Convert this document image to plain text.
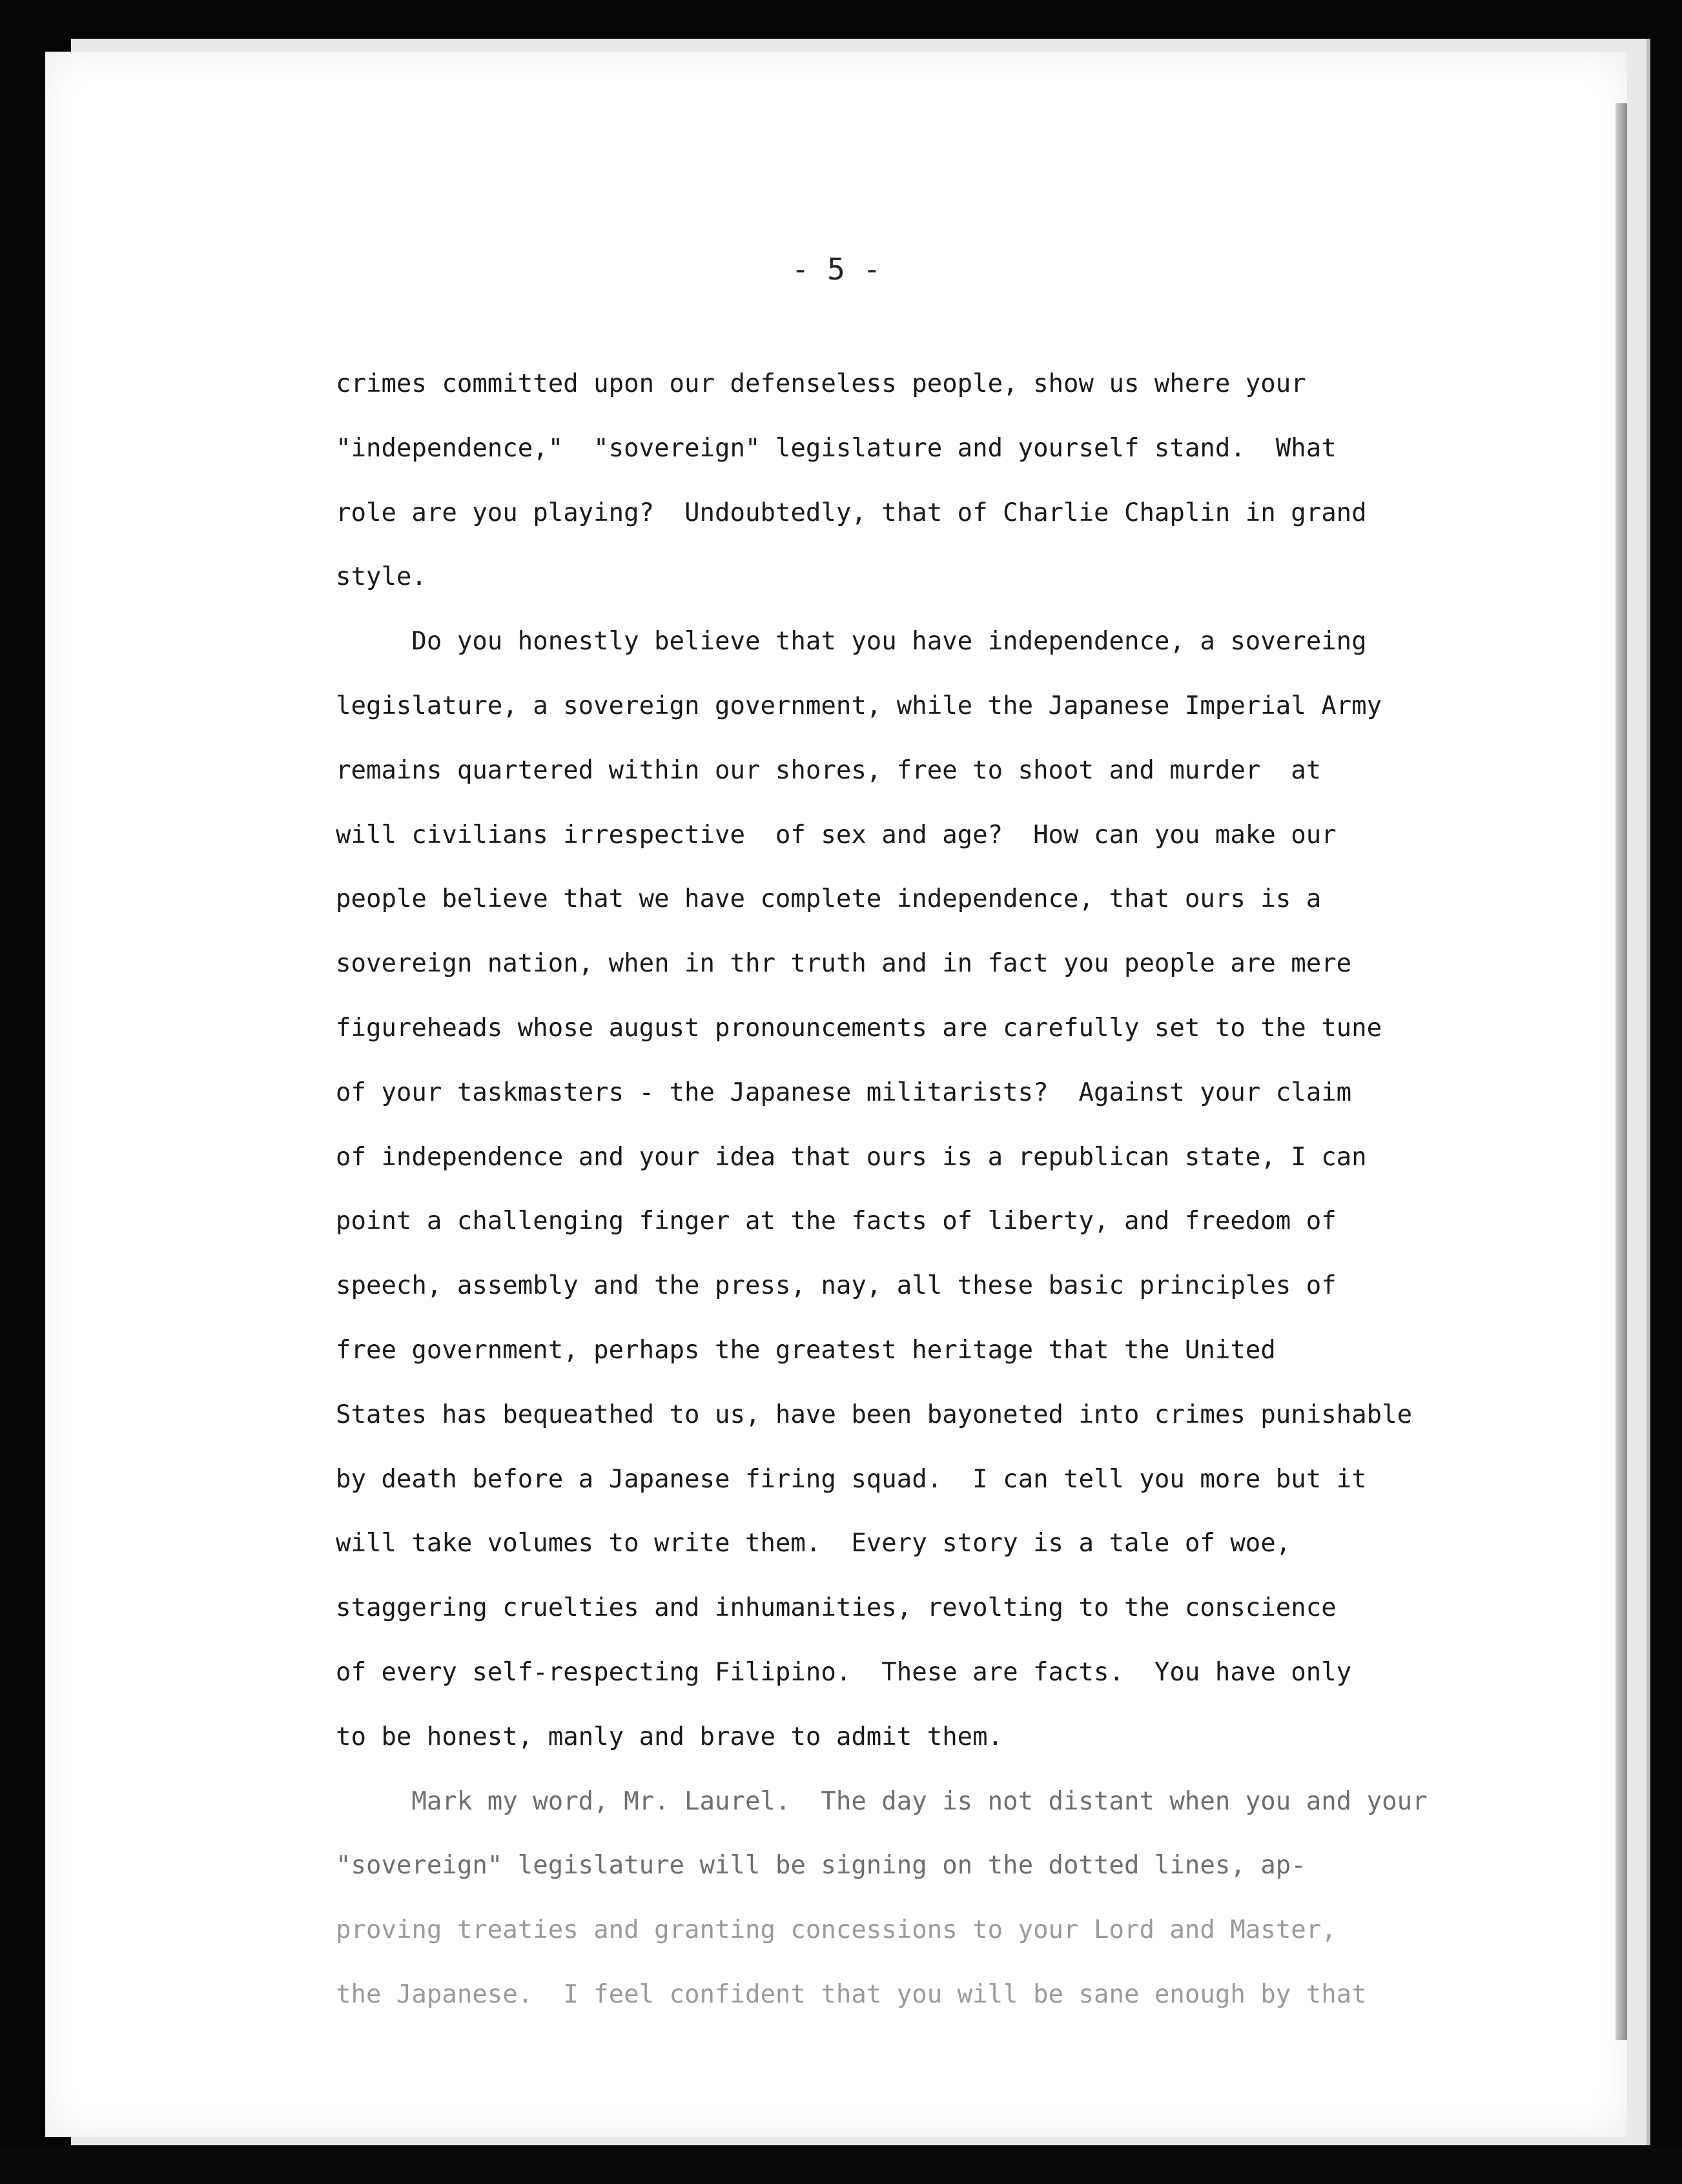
- 5 -
crimes committed upon our defenseless people, show us where your
"independence,"  "sovereign" legislature and yourself stand.  What
role are you playing?  Undoubtedly, that of Charlie Chaplin in grand
style.
Do you honestly believe that you have independence, a sovereing
legislature, a sovereign government, while the Japanese Imperial Army
remains quartered within our shores, free to shoot and murder  at
will civilians irrespective  of sex and age?  How can you make our
people believe that we have complete independence, that ours is a
sovereign nation, when in thr truth and in fact you people are mere
figureheads whose august pronouncements are carefully set to the tune
of your taskmasters - the Japanese militarists?  Against your claim
of independence and your idea that ours is a republican state, I can
point a challenging finger at the facts of liberty, and freedom of
speech, assembly and the press, nay, all these basic principles of
free government, perhaps the greatest heritage that the United
States has bequeathed to us, have been bayoneted into crimes punishable
by death before a Japanese firing squad.  I can tell you more but it
will take volumes to write them.  Every story is a tale of woe,
staggering cruelties and inhumanities, revolting to the conscience
of every self-respecting Filipino.  These are facts.  You have only
to be honest, manly and brave to admit them.
Mark my word, Mr. Laurel.  The day is not distant when you and your
"sovereign" legislature will be signing on the dotted lines, ap-
proving treaties and granting concessions to your Lord and Master,
the Japanese.  I feel confident that you will be sane enough by that
